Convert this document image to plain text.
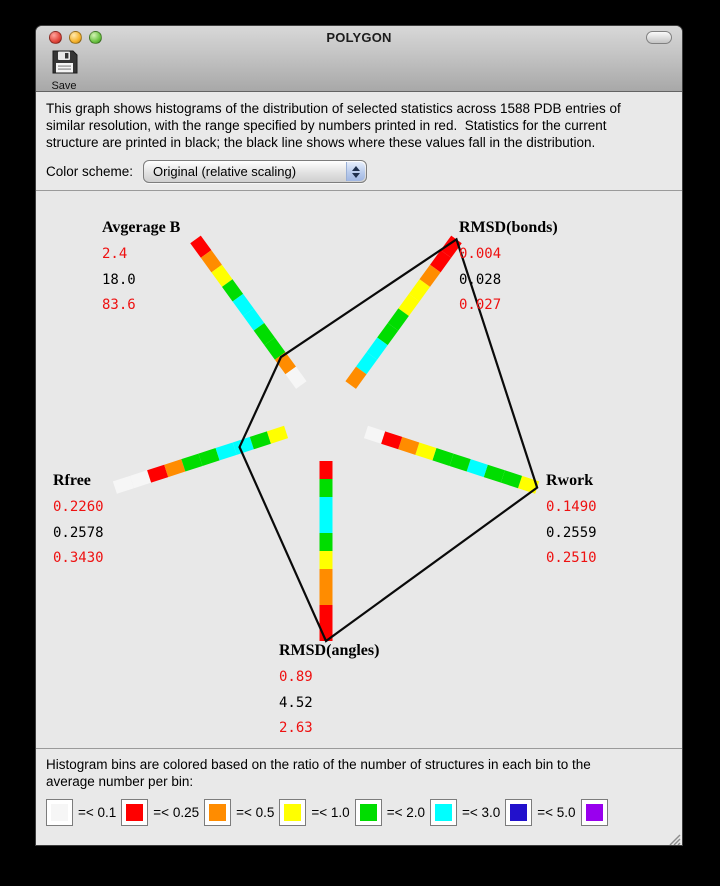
POLYGON
Save
This graph shows histograms of the distribution of selected statistics across 1588 PDB entries of
similar resolution, with the range specified by numbers printed in red.  Statistics for the current
structure are printed in black; the black line shows where these values fall in the distribution.
Color scheme: Original (relative scaling)
Avgerage B
2.4
18.0
83.6
RMSD(bonds)
0.004
0.028
0.027
Rwork
0.1490
0.2559
0.2510
RMSD(angles)
0.89
4.52
2.63
Rfree
0.2260
0.2578
0.3430
Histogram bins are colored based on the ratio of the number of structures in each bin to the
average number per bin:
=< 0.1	=< 0.25	=< 0.5	=< 1.0	=< 2.0	=< 3.0	=< 5.0
